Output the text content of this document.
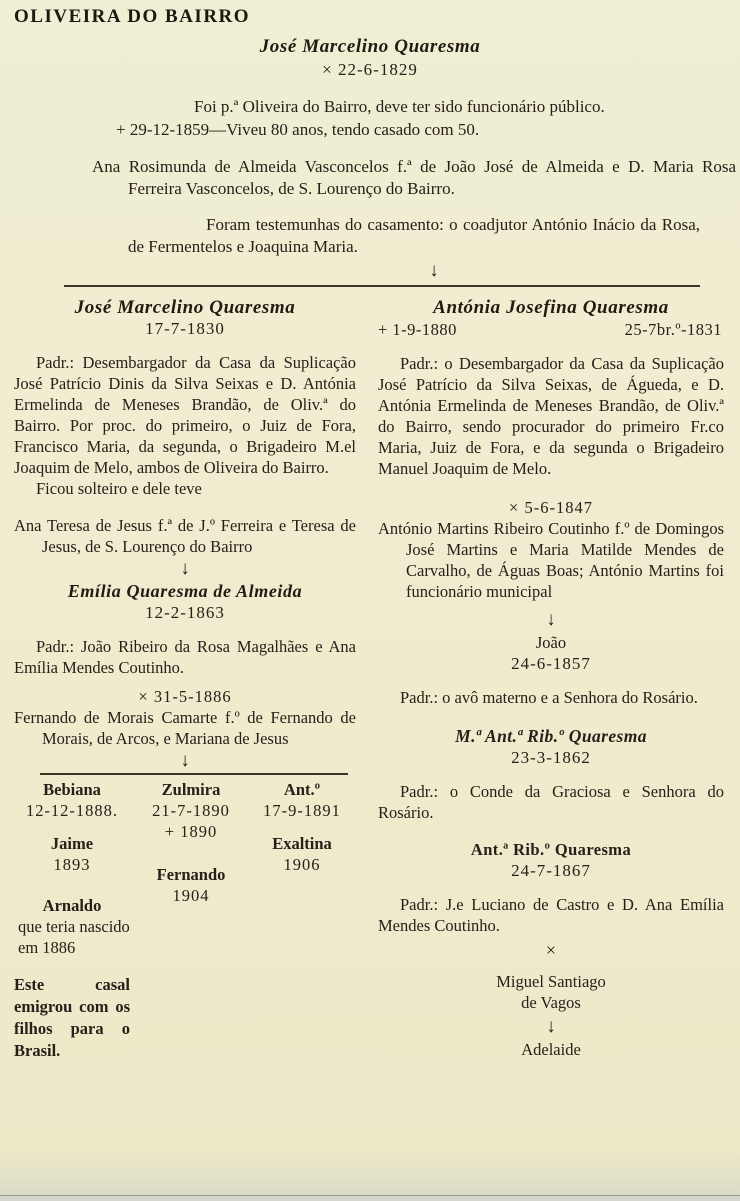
OLIVEIRA DO BAIRRO
José Marcelino Quaresma
× 22-6-1829
Foi p.ª Oliveira do Bairro, deve ter sido funcionário público.
+ 29-12-1859—Viveu 80 anos, tendo casado com 50.
Ana Rosimunda de Almeida Vasconcelos f.ª de João José de Almeida e D. Maria Rosa Ferreira Vasconcelos, de S. Lourenço do Bairro.
Foram testemunhas do casamento: o coadjutor António Inácio da Rosa, de Fermentelos e Joaquina Maria.
↓
José Marcelino Quaresma
17-7-1830
Padr.: Desembargador da Casa da Suplicação José Patrício Dinis da Silva Seixas e D. Antónia Ermelinda de Meneses Brandão, de Oliv.ª do Bairro. Por proc. do primeiro, o Juiz de Fora, Francisco Maria, da segunda, o Brigadeiro M.el Joaquim de Melo, ambos de Oliveira do Bairro.
Ficou solteiro e dele teve
Ana Teresa de Jesus f.ª de J.º Ferreira e Teresa de Jesus, de S. Lourenço do Bairro
↓
Emília Quaresma de Almeida
12-2-1863
Padr.: João Ribeiro da Rosa Magalhães e Ana Emília Mendes Coutinho.
× 31-5-1886
Fernando de Morais Camarte f.º de Fernando de Morais, de Arcos, e Mariana de Jesus
↓
Bebiana
12-12-1888.
Jaime
1893
Arnaldo
que teria nascido em 1886
Este casal emigrou com os filhos para o Brasil.
Zulmira
21-7-1890
+ 1890
Fernando
1904
Ant.º
17-9-1891
Exaltina
1906
Antónia Josefina Quaresma
+ 1-9-1880	25-7br.º-1831
Padr.: o Desembargador da Casa da Suplicação José Patrício da Silva Seixas, de Águeda, e D. Antónia Ermelinda de Meneses Brandão, de Oliv.ª do Bairro, sendo procurador do primeiro Fr.co Maria, Juiz de Fora, e da segunda o Brigadeiro Manuel Joaquim de Melo.
× 5-6-1847
António Martins Ribeiro Coutinho f.º de Domingos José Martins e Maria Matilde Mendes de Carvalho, de Águas Boas; António Martins foi funcionário municipal
↓
João
24-6-1857
Padr.: o avô materno e a Senhora do Rosário.
M.ª Ant.ª Rib.º Quaresma
23-3-1862
Padr.: o Conde da Graciosa e Senhora do Rosário.
Ant.ª Rib.º Quaresma
24-7-1867
Padr.: J.e Luciano de Castro e D. Ana Emília Mendes Coutinho.
×
Miguel Santiago
de Vagos
↓
Adelaide
